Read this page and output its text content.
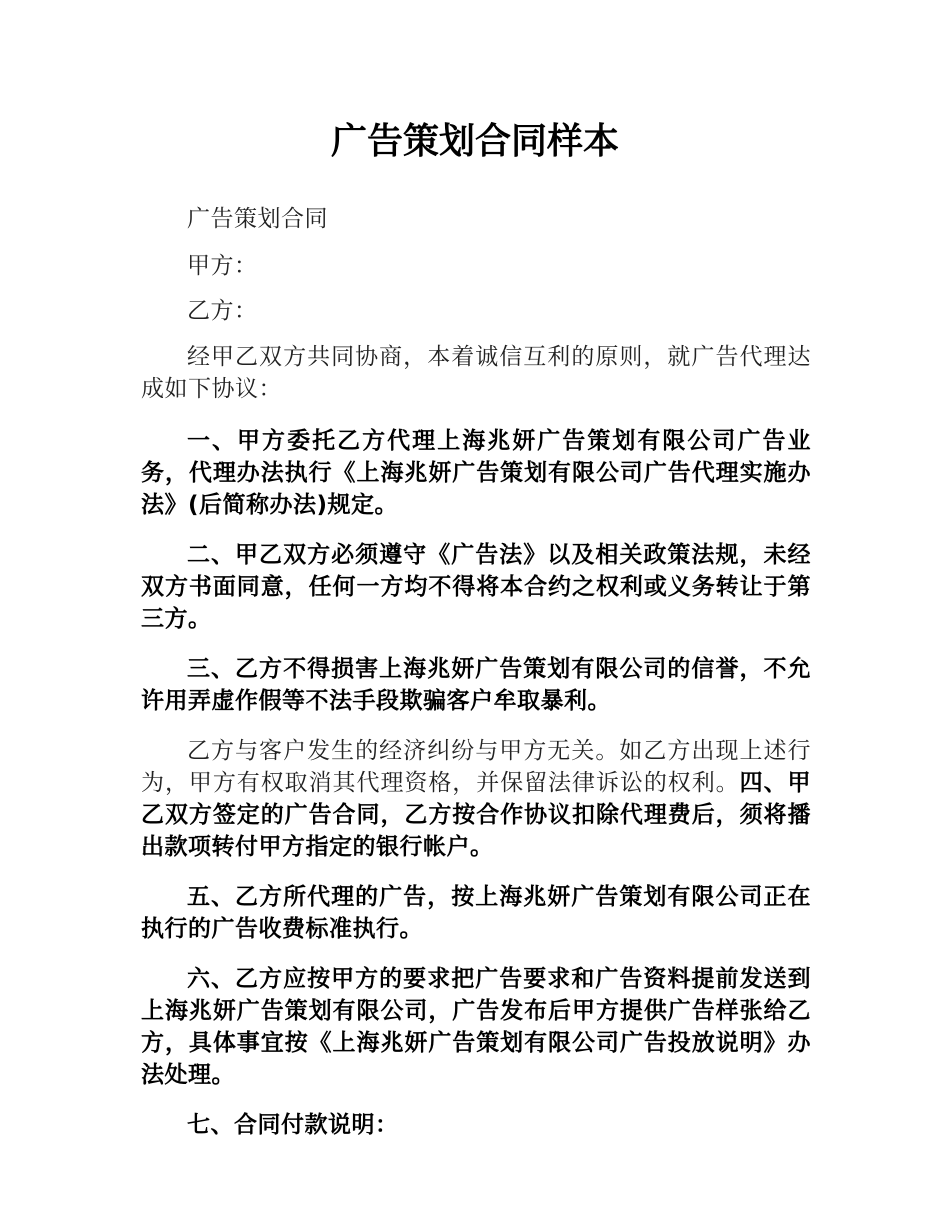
广告策划合同样本

广告策划合同

甲方：

乙方：

经甲乙双方共同协商，本着诚信互利的原则，就广告代理达成如下协议：

一、甲方委托乙方代理上海兆妍广告策划有限公司广告业务，代理办法执行《上海兆妍广告策划有限公司广告代理实施办法》(后简称办法)规定。

二、甲乙双方必须遵守《广告法》以及相关政策法规，未经双方书面同意，任何一方均不得将本合约之权利或义务转让于第三方。

三、乙方不得损害上海兆妍广告策划有限公司的信誉，不允许用弄虚作假等不法手段欺骗客户牟取暴利。

乙方与客户发生的经济纠纷与甲方无关。如乙方出现上述行为，甲方有权取消其代理资格，并保留法律诉讼的权利。四、甲乙双方签定的广告合同，乙方按合作协议扣除代理费后，须将播出款项转付甲方指定的银行帐户。

五、乙方所代理的广告，按上海兆妍广告策划有限公司正在执行的广告收费标准执行。

六、乙方应按甲方的要求把广告要求和广告资料提前发送到上海兆妍广告策划有限公司，广告发布后甲方提供广告样张给乙方，具体事宜按《上海兆妍广告策划有限公司广告投放说明》办法处理。

七、合同付款说明：
